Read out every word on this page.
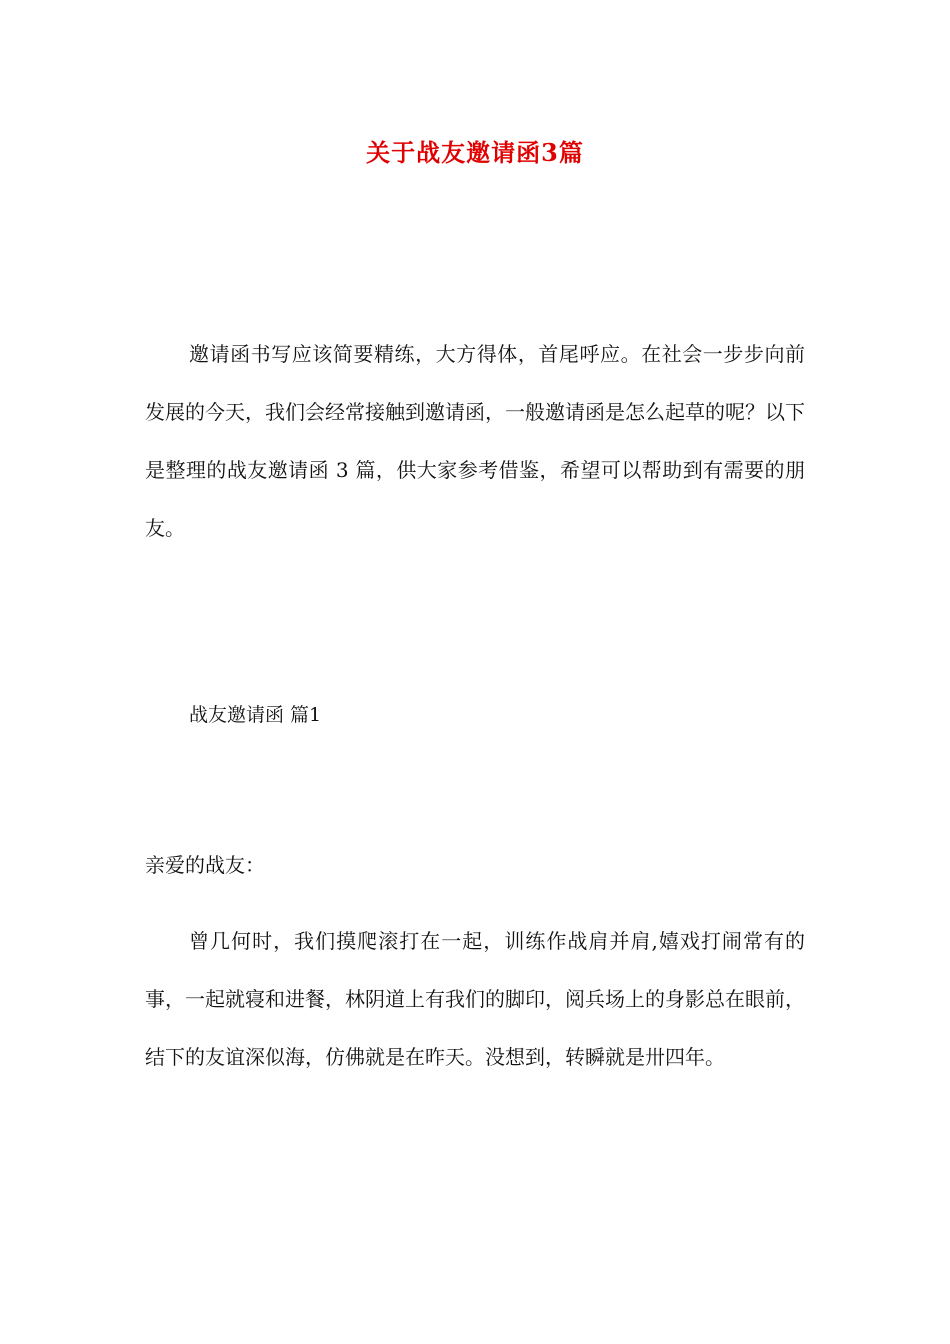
关于战友邀请函3篇

邀请函书写应该简要精练，大方得体，首尾呼应。在社会一步步向前发展的今天，我们会经常接触到邀请函，一般邀请函是怎么起草的呢？以下是整理的战友邀请函 3 篇，供大家参考借鉴，希望可以帮助到有需要的朋友。

战友邀请函 篇1
亲爱的战友：

曾几何时，我们摸爬滚打在一起，训练作战肩并肩,嬉戏打闹常有的事，一起就寝和进餐，林阴道上有我们的脚印，阅兵场上的身影总在眼前，结下的友谊深似海，仿佛就是在昨天。没想到，转瞬就是卅四年。
